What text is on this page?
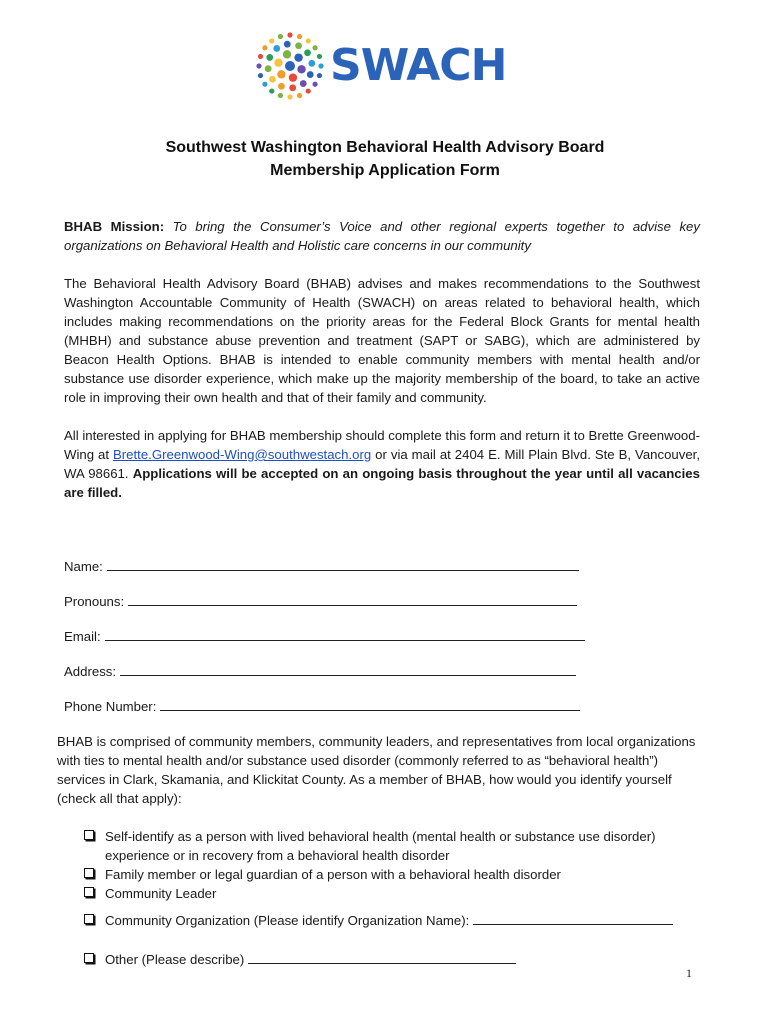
SWACH
Southwest Washington Behavioral Health Advisory Board
Membership Application Form
BHAB Mission: To bring the Consumer’s Voice and other regional experts together to advise key organizations on Behavioral Health and Holistic care concerns in our community
The Behavioral Health Advisory Board (BHAB) advises and makes recommendations to the Southwest Washington Accountable Community of Health (SWACH) on areas related to behavioral health, which includes making recommendations on the priority areas for the Federal Block Grants for mental health (MHBH) and substance abuse prevention and treatment (SAPT or SABG), which are administered by Beacon Health Options. BHAB is intended to enable community members with mental health and/or substance use disorder experience, which make up the majority membership of the board, to take an active role in improving their own health and that of their family and community.
All interested in applying for BHAB membership should complete this form and return it to Brette Greenwood-Wing at Brette.Greenwood-Wing@southwestach.org or via mail at 2404 E. Mill Plain Blvd. Ste B, Vancouver, WA 98661. Applications will be accepted on an ongoing basis throughout the year until all vacancies are filled.
Name:
Pronouns:
Email:
Address:
Phone Number:
BHAB is comprised of community members, community leaders, and representatives from local organizations with ties to mental health and/or substance used disorder (commonly referred to as “behavioral health”) services in Clark, Skamania, and Klickitat County. As a member of BHAB, how would you identify yourself (check all that apply):
Self-identify as a person with lived behavioral health (mental health or substance use disorder) experience or in recovery from a behavioral health disorder
Family member or legal guardian of a person with a behavioral health disorder
Community Leader
Community Organization (Please identify Organization Name):
Other (Please describe)
1
